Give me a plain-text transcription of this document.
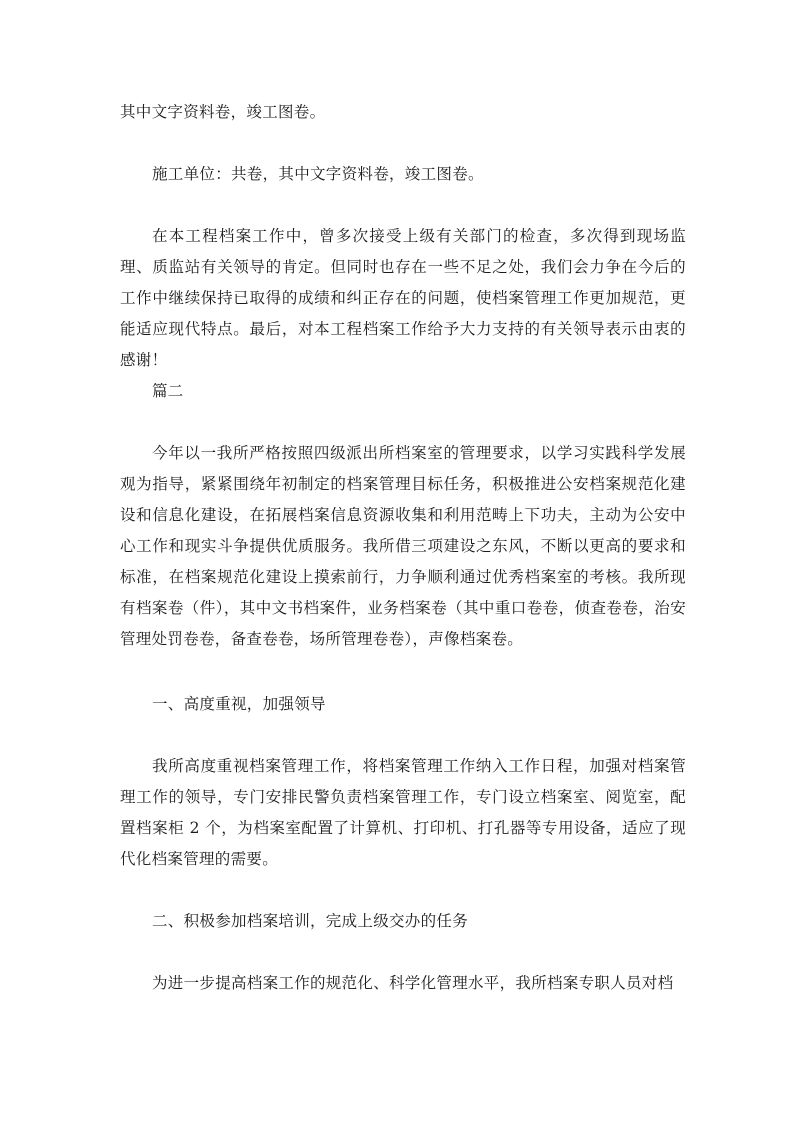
其中文字资料卷，竣工图卷。

施工单位：共卷，其中文字资料卷，竣工图卷。

在本工程档案工作中，曾多次接受上级有关部门的检查，多次得到现场监理、质监站有关领导的肯定。但同时也存在一些不足之处，我们会力争在今后的工作中继续保持已取得的成绩和纠正存在的问题，使档案管理工作更加规范，更能适应现代特点。最后，对本工程档案工作给予大力支持的有关领导表示由衷的感谢！

篇二

今年以一我所严格按照四级派出所档案室的管理要求，以学习实践科学发展观为指导，紧紧围绕年初制定的档案管理目标任务，积极推进公安档案规范化建设和信息化建设，在拓展档案信息资源收集和利用范畴上下功夫，主动为公安中心工作和现实斗争提供优质服务。我所借三项建设之东风，不断以更高的要求和标准，在档案规范化建设上摸索前行，力争顺利通过优秀档案室的考核。我所现有档案卷（件），其中文书档案件，业务档案卷（其中重口卷卷，侦查卷卷，治安管理处罚卷卷，备查卷卷，场所管理卷卷），声像档案卷。

一、高度重视，加强领导

我所高度重视档案管理工作，将档案管理工作纳入工作日程，加强对档案管理工作的领导，专门安排民警负责档案管理工作，专门设立档案室、阅览室，配置档案柜 2 个，为档案室配置了计算机、打印机、打孔器等专用设备，适应了现代化档案管理的需要。

二、积极参加档案培训，完成上级交办的任务

为进一步提高档案工作的规范化、科学化管理水平，我所档案专职人员对档
